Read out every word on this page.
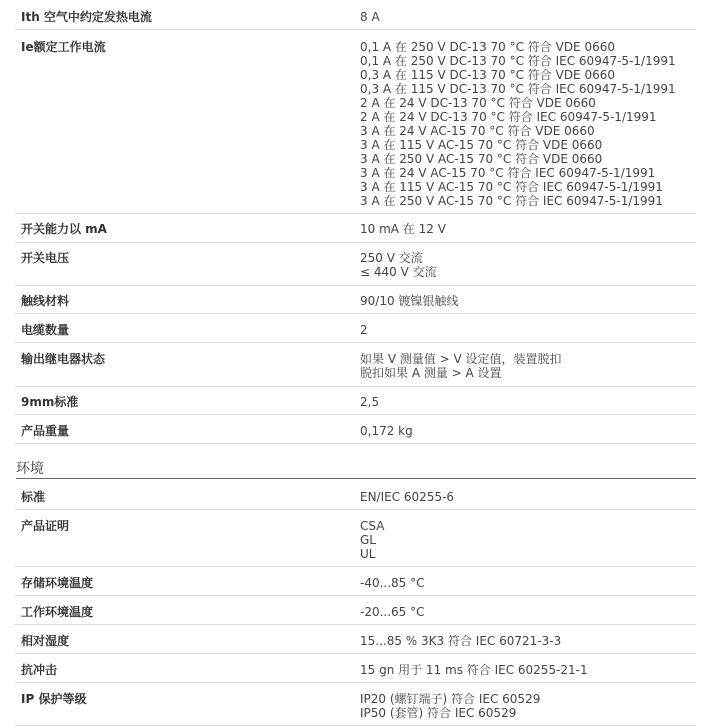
Ith 空气中约定发热电流	8 A
Ie额定工作电流	0,1 A 在 250 V DC-13 70 °C 符合 VDE 0660
0,1 A 在 250 V DC-13 70 °C 符合 IEC 60947-5-1/1991
0,3 A 在 115 V DC-13 70 °C 符合 VDE 0660
0,3 A 在 115 V DC-13 70 °C 符合 IEC 60947-5-1/1991
2 A 在 24 V DC-13 70 °C 符合 VDE 0660
2 A 在 24 V DC-13 70 °C 符合 IEC 60947-5-1/1991
3 A 在 24 V AC-15 70 °C 符合 VDE 0660
3 A 在 115 V AC-15 70 °C 符合 VDE 0660
3 A 在 250 V AC-15 70 °C 符合 VDE 0660
3 A 在 24 V AC-15 70 °C 符合 IEC 60947-5-1/1991
3 A 在 115 V AC-15 70 °C 符合 IEC 60947-5-1/1991
3 A 在 250 V AC-15 70 °C 符合 IEC 60947-5-1/1991
开关能力以 mA	10 mA 在 12 V
开关电压	250 V 交流
≤ 440 V 交流
触线材料	90/10 镀镍银触线
电缆数量	2
输出继电器状态	如果 V 测量值 > V 设定值，装置脱扣
脱扣如果 A 测量 > A 设置
9mm标准	2,5
产品重量	0,172 kg
环境
标准	EN/IEC 60255-6
产品证明	CSA
GL
UL
存储环境温度	-40...85 °C
工作环境温度	-20...65 °C
相对湿度	15...85 % 3K3 符合 IEC 60721-3-3
抗冲击	15 gn 用于 11 ms 符合 IEC 60255-21-1
IP 保护等级	IP20 (螺钉端子) 符合 IEC 60529
IP50 (套管) 符合 IEC 60529
